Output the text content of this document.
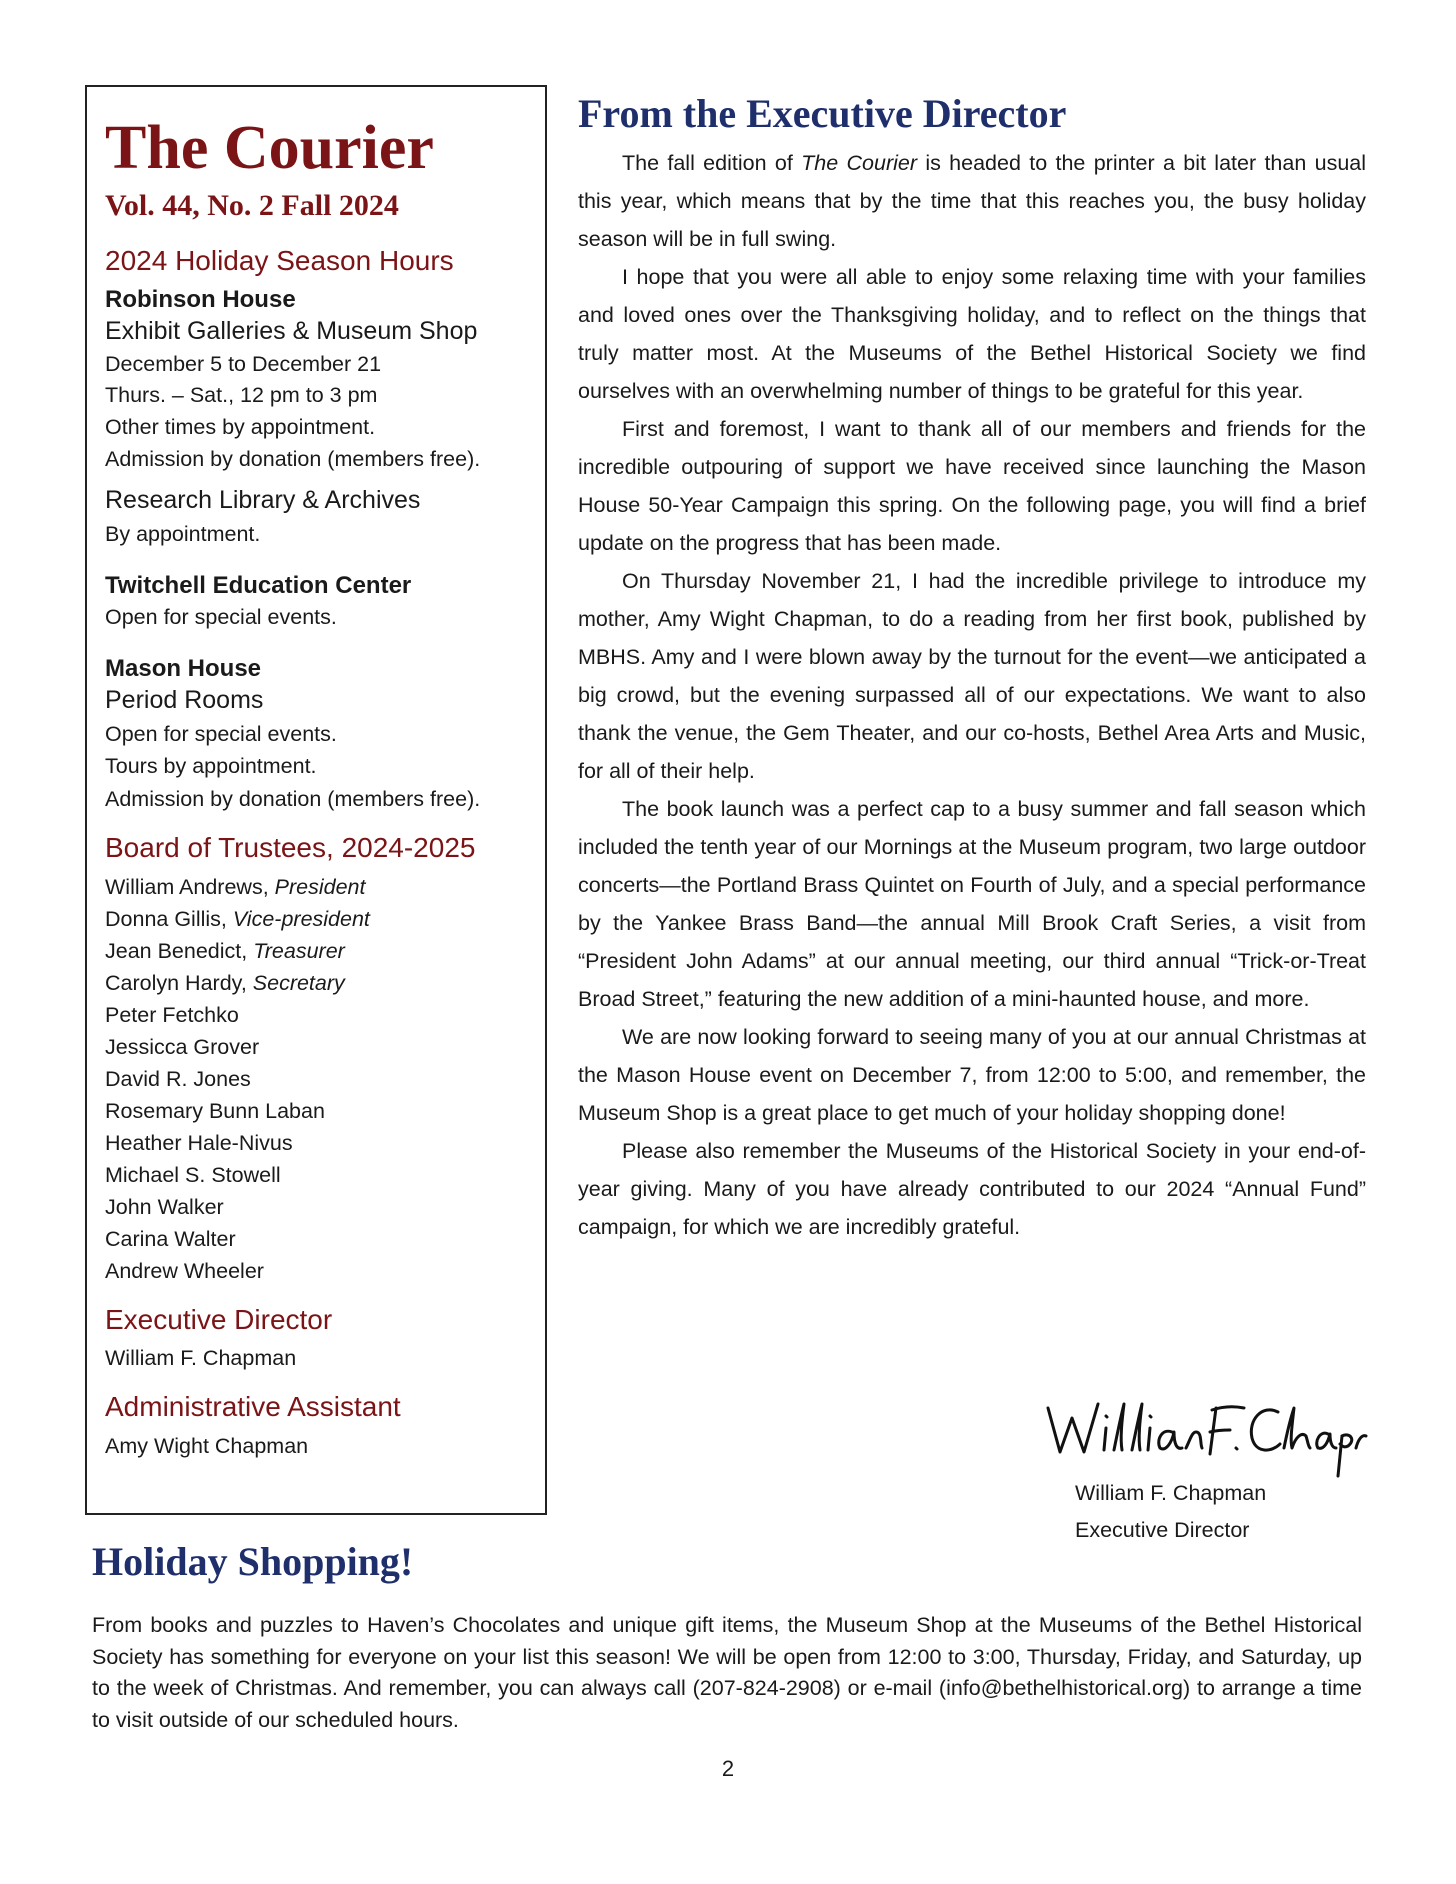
The Courier
Vol. 44, No. 2 Fall 2024
2024 Holiday Season Hours
Robinson House
Exhibit Galleries & Museum Shop
December 5 to December 21
Thurs. – Sat., 12 pm to 3 pm
Other times by appointment.
Admission by donation (members free).
Research Library & Archives
By appointment.
Twitchell Education Center
Open for special events.
Mason House
Period Rooms
Open for special events.
Tours by appointment.
Admission by donation (members free).
Board of Trustees, 2024-2025
William Andrews, President
Donna Gillis, Vice-president
Jean Benedict, Treasurer
Carolyn Hardy, Secretary
Peter Fetchko
Jessicca Grover
David R. Jones
Rosemary Bunn Laban
Heather Hale-Nivus
Michael S. Stowell
John Walker
Carina Walter
Andrew Wheeler
Executive Director
William F. Chapman
Administrative Assistant
Amy Wight Chapman
From the Executive Director

The fall edition of The Courier is headed to the printer a bit later than usual this year, which means that by the time that this reaches you, the busy holiday season will be in full swing.

I hope that you were all able to enjoy some relaxing time with your families and loved ones over the Thanksgiving holiday, and to reflect on the things that truly matter most. At the Museums of the Bethel Historical Society we find ourselves with an overwhelming number of things to be grateful for this year.

First and foremost, I want to thank all of our members and friends for the incredible outpouring of support we have received since launching the Mason House 50-Year Campaign this spring. On the following page, you will find a brief update on the progress that has been made.

On Thursday November 21, I had the incredible privilege to introduce my mother, Amy Wight Chapman, to do a reading from her first book, published by MBHS. Amy and I were blown away by the turnout for the event—we anticipated a big crowd, but the evening surpassed all of our expectations. We want to also thank the venue, the Gem Theater, and our co-hosts, Bethel Area Arts and Music, for all of their help.

The book launch was a perfect cap to a busy summer and fall season which included the tenth year of our Mornings at the Museum program, two large outdoor concerts—the Portland Brass Quintet on Fourth of July, and a special performance by the Yankee Brass Band—the annual Mill Brook Craft Series, a visit from “President John Adams” at our annual meeting, our third annual “Trick-or-Treat Broad Street,” featuring the new addition of a mini-haunted house, and more.

We are now looking forward to seeing many of you at our annual Christmas at the Mason House event on December 7, from 12:00 to 5:00, and remember, the Museum Shop is a great place to get much of your holiday shopping done!

Please also remember the Museums of the Historical Society in your end-of-year giving. Many of you have already contributed to our 2024 “Annual Fund” campaign, for which we are incredibly grateful.

William F. Chapman
Executive Director
Holiday Shopping!

From books and puzzles to Haven’s Chocolates and unique gift items, the Museum Shop at the Museums of the Bethel Historical Society has something for everyone on your list this season! We will be open from 12:00 to 3:00, Thursday, Friday, and Saturday, up to the week of Christmas. And remember, you can always call (207-824-2908) or e-mail (info@bethelhistorical.org) to arrange a time to visit outside of our scheduled hours.

2
